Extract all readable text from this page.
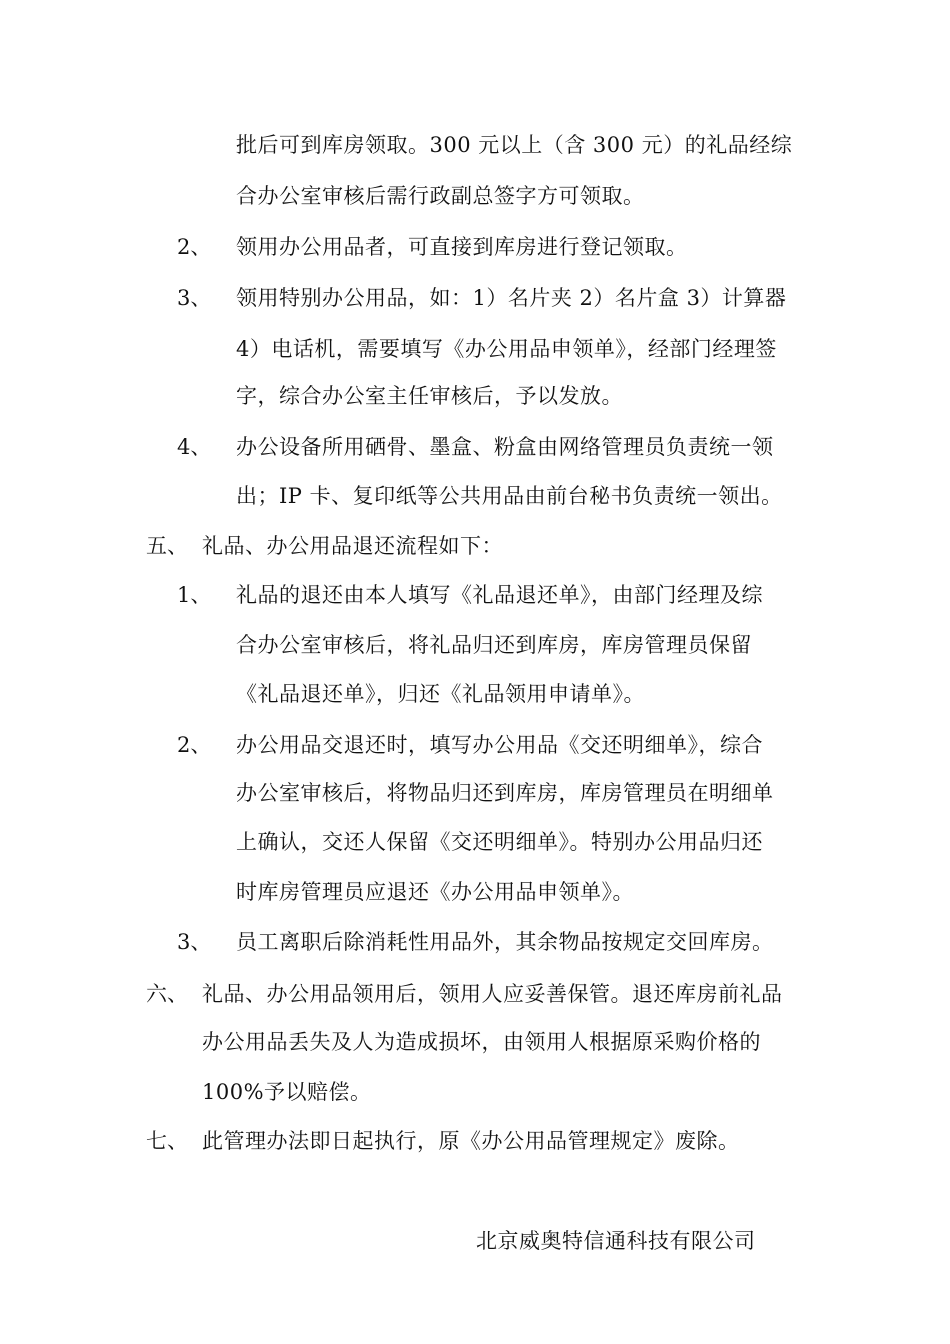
批后可到库房领取。300 元以上（含 300 元）的礼品经综
合办公室审核后需行政副总签字方可领取。
2、 领用办公用品者，可直接到库房进行登记领取。
3、 领用特别办公用品，如：1）名片夹 2）名片盒 3）计算器
4）电话机，需要填写《办公用品申领单》，经部门经理签
字，综合办公室主任审核后，予以发放。
4、 办公设备所用硒骨、墨盒、粉盒由网络管理员负责统一领
出；IP 卡、复印纸等公共用品由前台秘书负责统一领出。
五、 礼品、办公用品退还流程如下：
1、 礼品的退还由本人填写《礼品退还单》，由部门经理及综
合办公室审核后，将礼品归还到库房，库房管理员保留
《礼品退还单》，归还《礼品领用申请单》。
2、 办公用品交退还时，填写办公用品《交还明细单》，综合
办公室审核后，将物品归还到库房，库房管理员在明细单
上确认，交还人保留《交还明细单》。特别办公用品归还
时库房管理员应退还《办公用品申领单》。
3、 员工离职后除消耗性用品外，其余物品按规定交回库房。
六、 礼品、办公用品领用后，领用人应妥善保管。退还库房前礼品
办公用品丢失及人为造成损坏，由领用人根据原采购价格的
100%予以赔偿。
七、 此管理办法即日起执行，原《办公用品管理规定》废除。
北京威奥特信通科技有限公司
